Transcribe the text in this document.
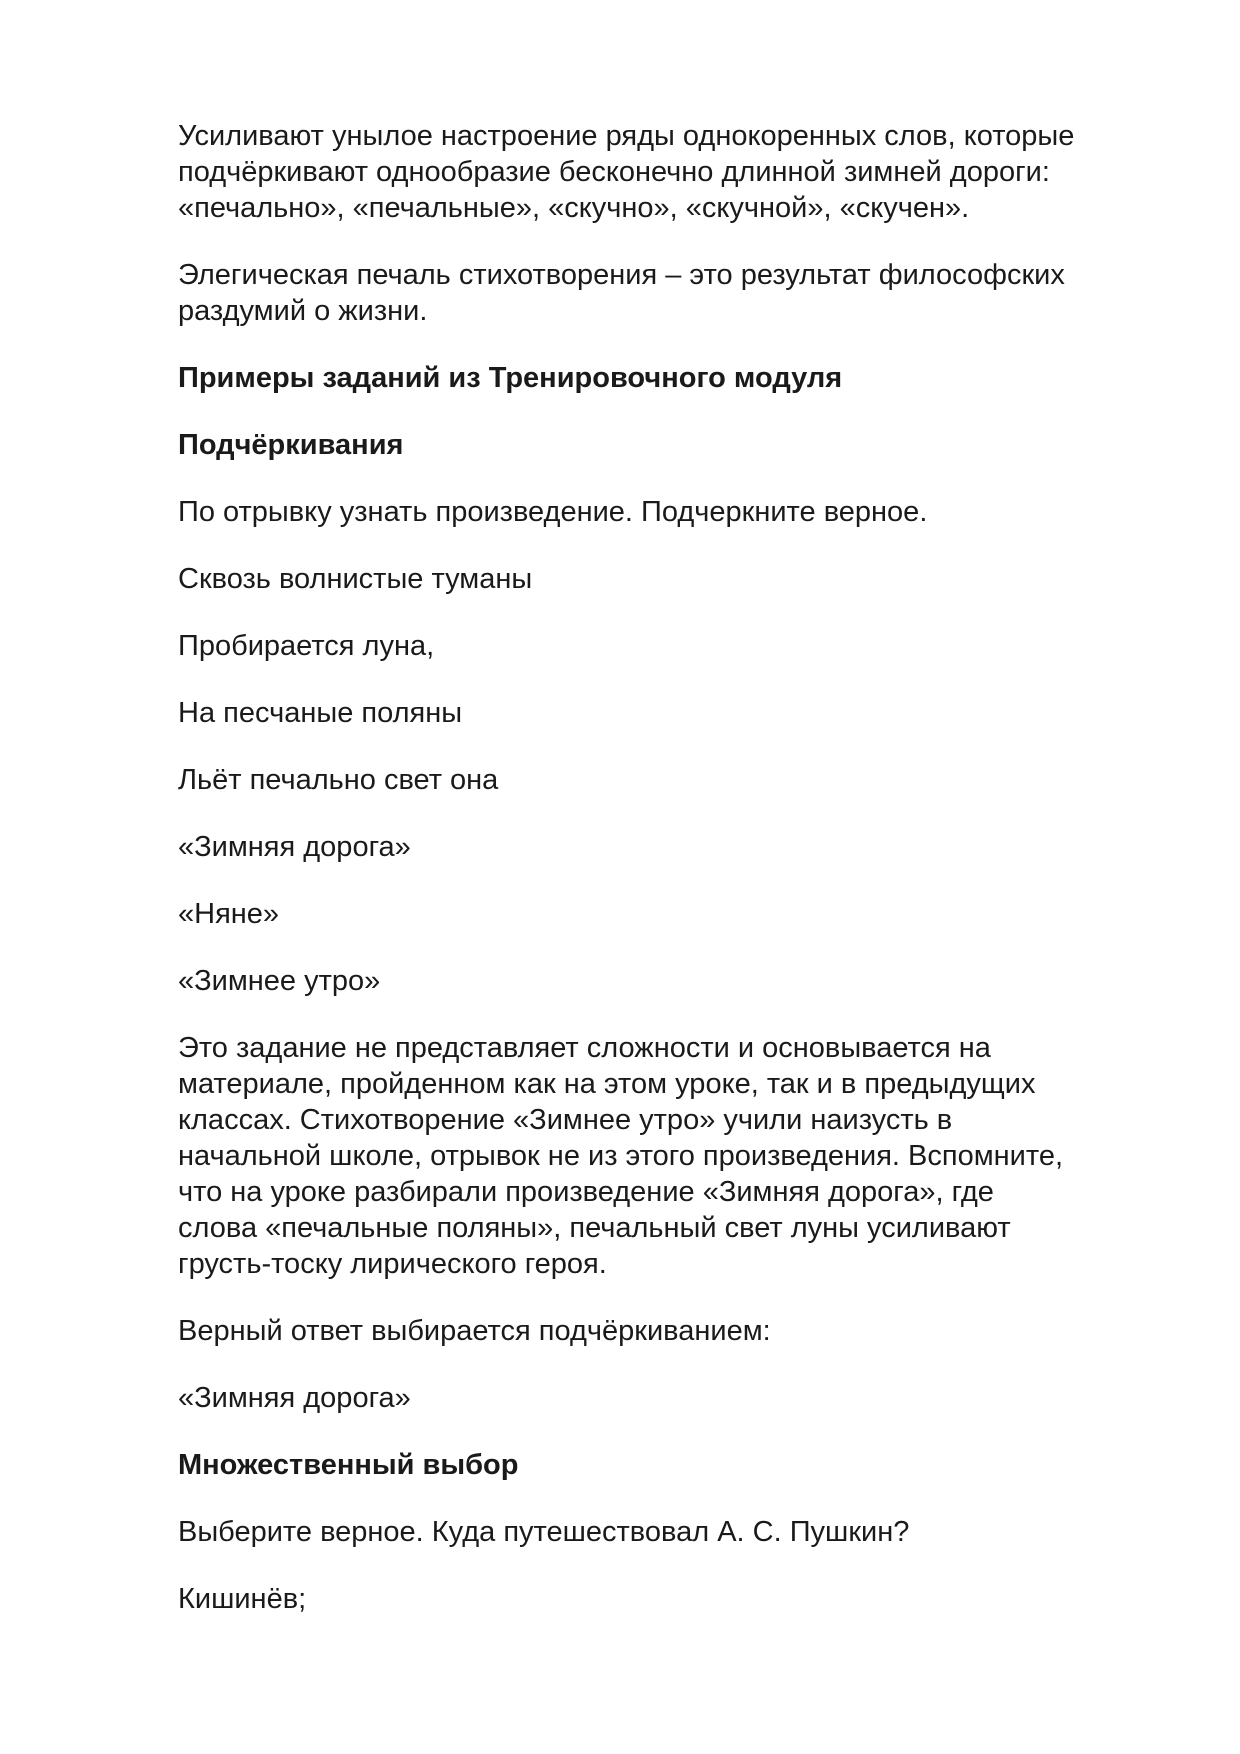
Усиливают унылое настроение ряды однокоренных слов, которые
подчёркивают однообразие бесконечно длинной зимней дороги:
«печально», «печальные», «скучно», «скучной», «скучен».

Элегическая печаль стихотворения – это результат философских
раздумий о жизни.

Примеры заданий из Тренировочного модуля
Подчёркивания
По отрывку узнать произведение. Подчеркните верное.
Сквозь волнистые туманы
Пробирается луна,
На песчаные поляны
Льёт печально свет она
«Зимняя дорога»
«Няне»
«Зимнее утро»

Это задание не представляет сложности и основывается на
материале, пройденном как на этом уроке, так и в предыдущих
классах. Стихотворение «Зимнее утро» учили наизусть в
начальной школе, отрывок не из этого произведения. Вспомните,
что на уроке разбирали произведение «Зимняя дорога», где
слова «печальные поляны», печальный свет луны усиливают
грусть-тоску лирического героя.

Верный ответ выбирается подчёркиванием:
«Зимняя дорога»
Множественный выбор
Выберите верное. Куда путешествовал А. С. Пушкин?
Кишинёв;
